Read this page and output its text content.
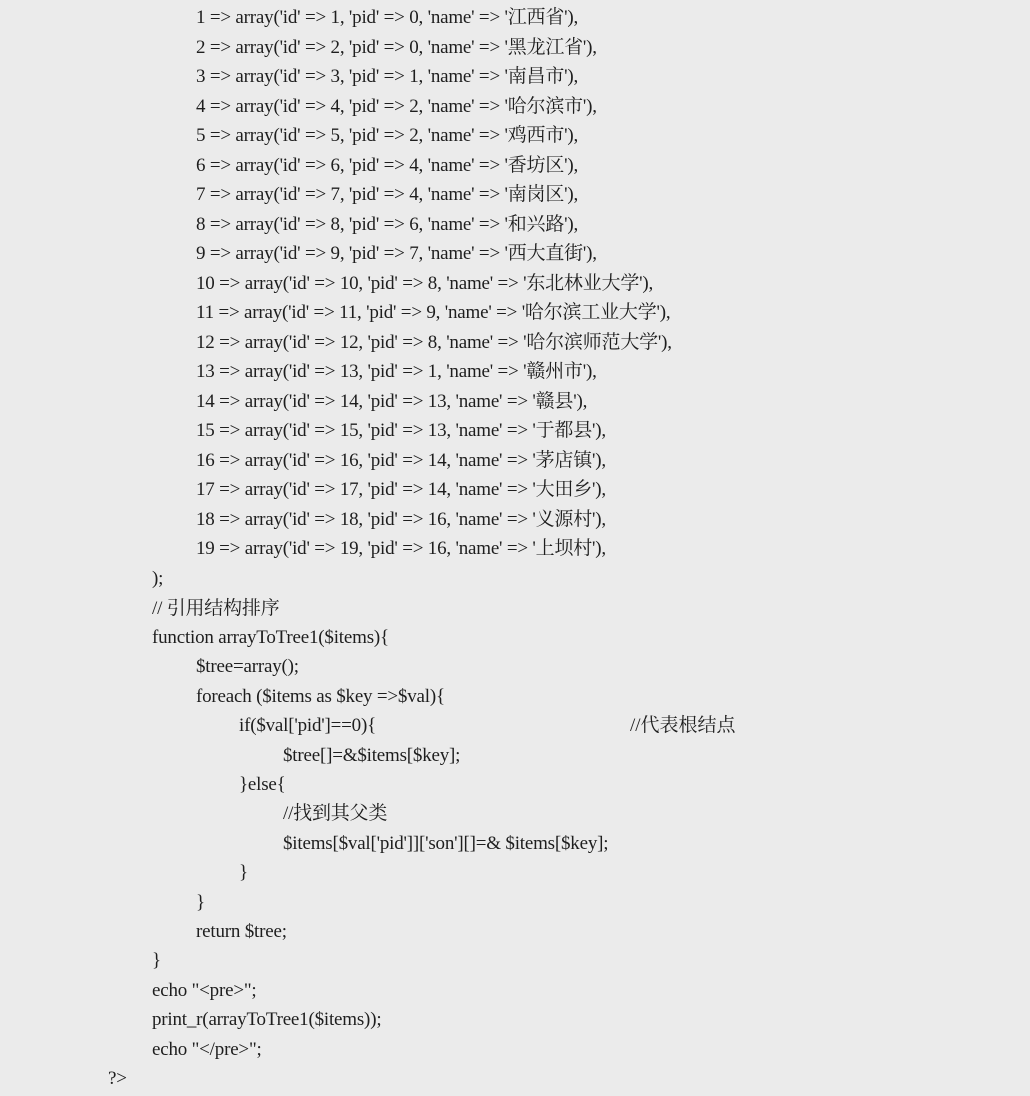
1 => array('id' => 1, 'pid' => 0, 'name' => '江西省'),
2 => array('id' => 2, 'pid' => 0, 'name' => '黑龙江省'),
3 => array('id' => 3, 'pid' => 1, 'name' => '南昌市'),
4 => array('id' => 4, 'pid' => 2, 'name' => '哈尔滨市'),
5 => array('id' => 5, 'pid' => 2, 'name' => '鸡西市'),
6 => array('id' => 6, 'pid' => 4, 'name' => '香坊区'),
7 => array('id' => 7, 'pid' => 4, 'name' => '南岗区'),
8 => array('id' => 8, 'pid' => 6, 'name' => '和兴路'),
9 => array('id' => 9, 'pid' => 7, 'name' => '西大直街'),
10 => array('id' => 10, 'pid' => 8, 'name' => '东北林业大学'),
11 => array('id' => 11, 'pid' => 9, 'name' => '哈尔滨工业大学'),
12 => array('id' => 12, 'pid' => 8, 'name' => '哈尔滨师范大学'),
13 => array('id' => 13, 'pid' => 1, 'name' => '赣州市'),
14 => array('id' => 14, 'pid' => 13, 'name' => '赣县'),
15 => array('id' => 15, 'pid' => 13, 'name' => '于都县'),
16 => array('id' => 16, 'pid' => 14, 'name' => '茅店镇'),
17 => array('id' => 17, 'pid' => 14, 'name' => '大田乡'),
18 => array('id' => 18, 'pid' => 16, 'name' => '义源村'),
19 => array('id' => 19, 'pid' => 16, 'name' => '上坝村'),
);
// 引用结构排序
function arrayToTree1($items){
$tree=array();
foreach ($items as $key =>$val){
if($val['pid']==0){	//代表根结点
$tree[]=&$items[$key];
}else{
//找到其父类
$items[$val['pid']]['son'][]=& $items[$key];
}
}
return $tree;
}
echo "<pre>";
print_r(arrayToTree1($items));
echo "</pre>";
?>
